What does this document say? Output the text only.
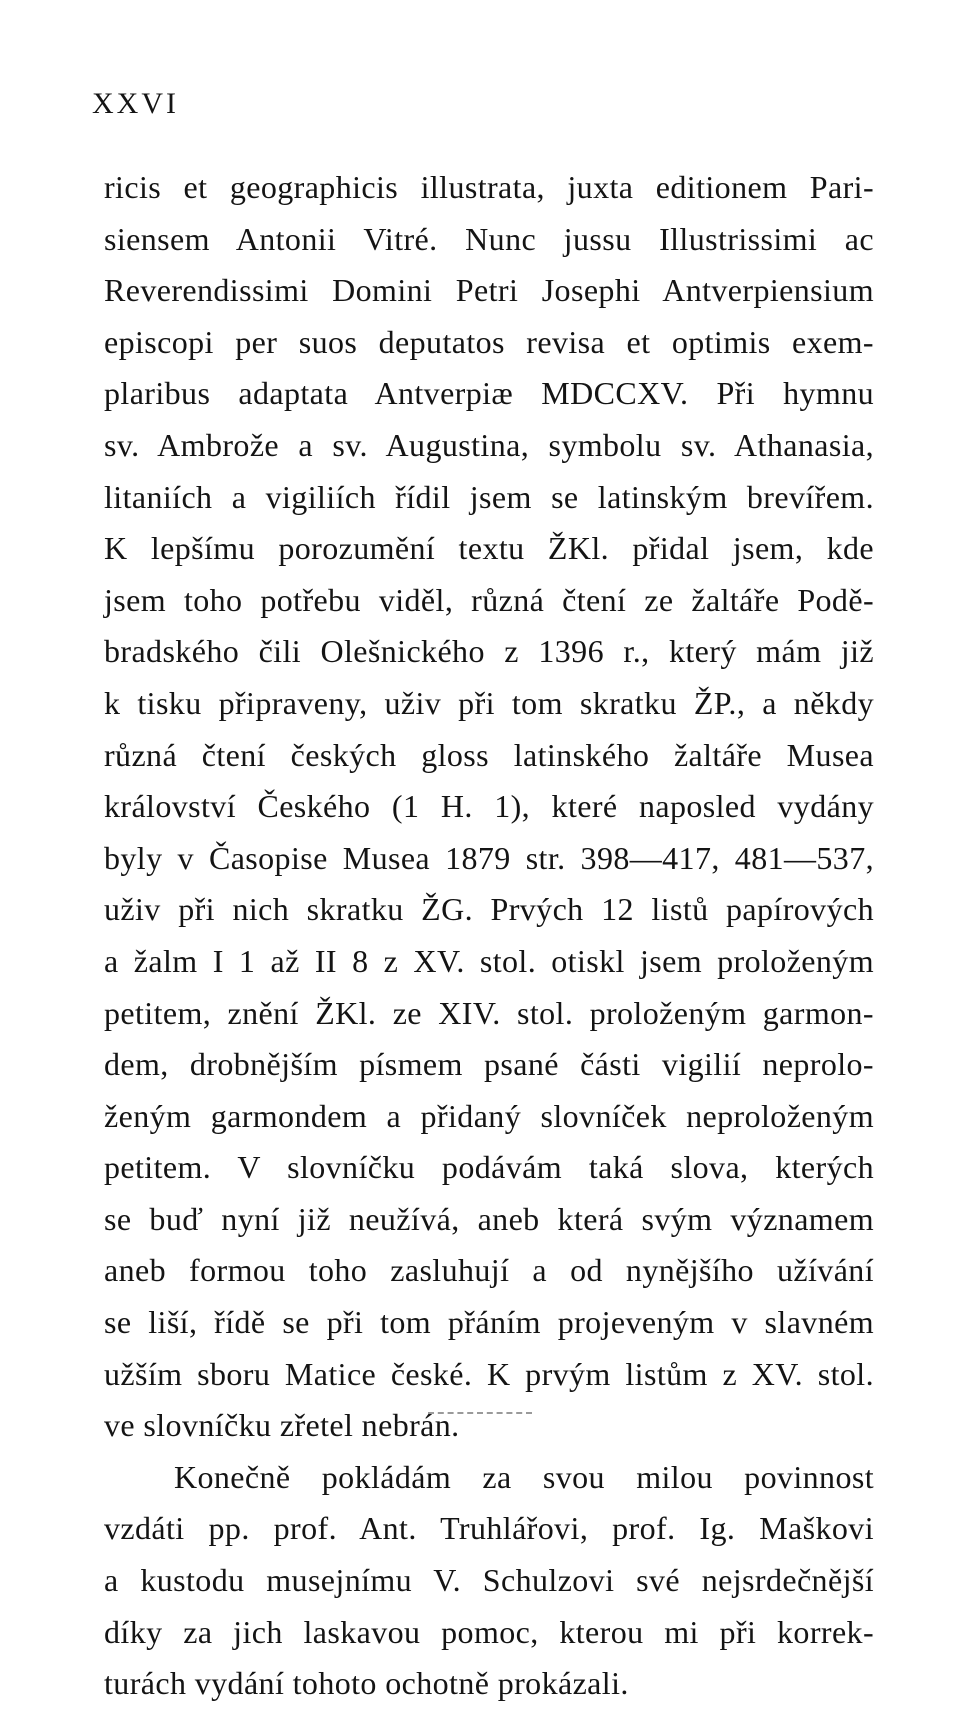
XXVI
ricis et geographicis illustrata, juxta editionem Pari-
siensem Antonii Vitré. Nunc jussu Illustrissimi ac
Reverendissimi Domini Petri Josephi Antverpiensium
episcopi per suos deputatos revisa et optimis exem-
plaribus adaptata Antverpiæ MDCCXV. Při hymnu
sv. Ambrože a sv. Augustina, symbolu sv. Athanasia,
litaniích a vigiliích řídil jsem se latinským brevířem.
K lepšímu porozumění textu ŽKl. přidal jsem, kde
jsem toho potřebu viděl, různá čtení ze žaltáře Podě-
bradského čili Olešnického z 1396 r., který mám již
k tisku připraveny, uživ při tom skratku ŽP., a někdy
různá čtení českých gloss latinského žaltáře Musea
království Českého (1 H. 1), které naposled vydány
byly v Časopise Musea 1879 str. 398—417, 481—537,
uživ při nich skratku ŽG. Prvých 12 listů papírových
a žalm I 1 až II 8 z XV. stol. otiskl jsem proloženým
petitem, znění ŽKl. ze XIV. stol. proloženým garmon-
dem, drobnějším písmem psané části vigilií neprolo-
ženým garmondem a přidaný slovníček neproloženým
petitem. V slovníčku podávám taká slova, kterých
se buď nyní již neužívá, aneb která svým významem
aneb formou toho zasluhují a od nynějšího užívání
se liší, řídě se při tom přáním projeveným v slavném
užším sboru Matice české. K prvým listům z XV. stol.
ve slovníčku zřetel nebrán.
Konečně pokládám za svou milou povinnost
vzdáti pp. prof. Ant. Truhlářovi, prof. Ig. Maškovi
a kustodu musejnímu V. Schulzovi své nejsrdečnější
díky za jich laskavou pomoc, kterou mi při korrek-
turách vydání tohoto ochotně prokázali.
